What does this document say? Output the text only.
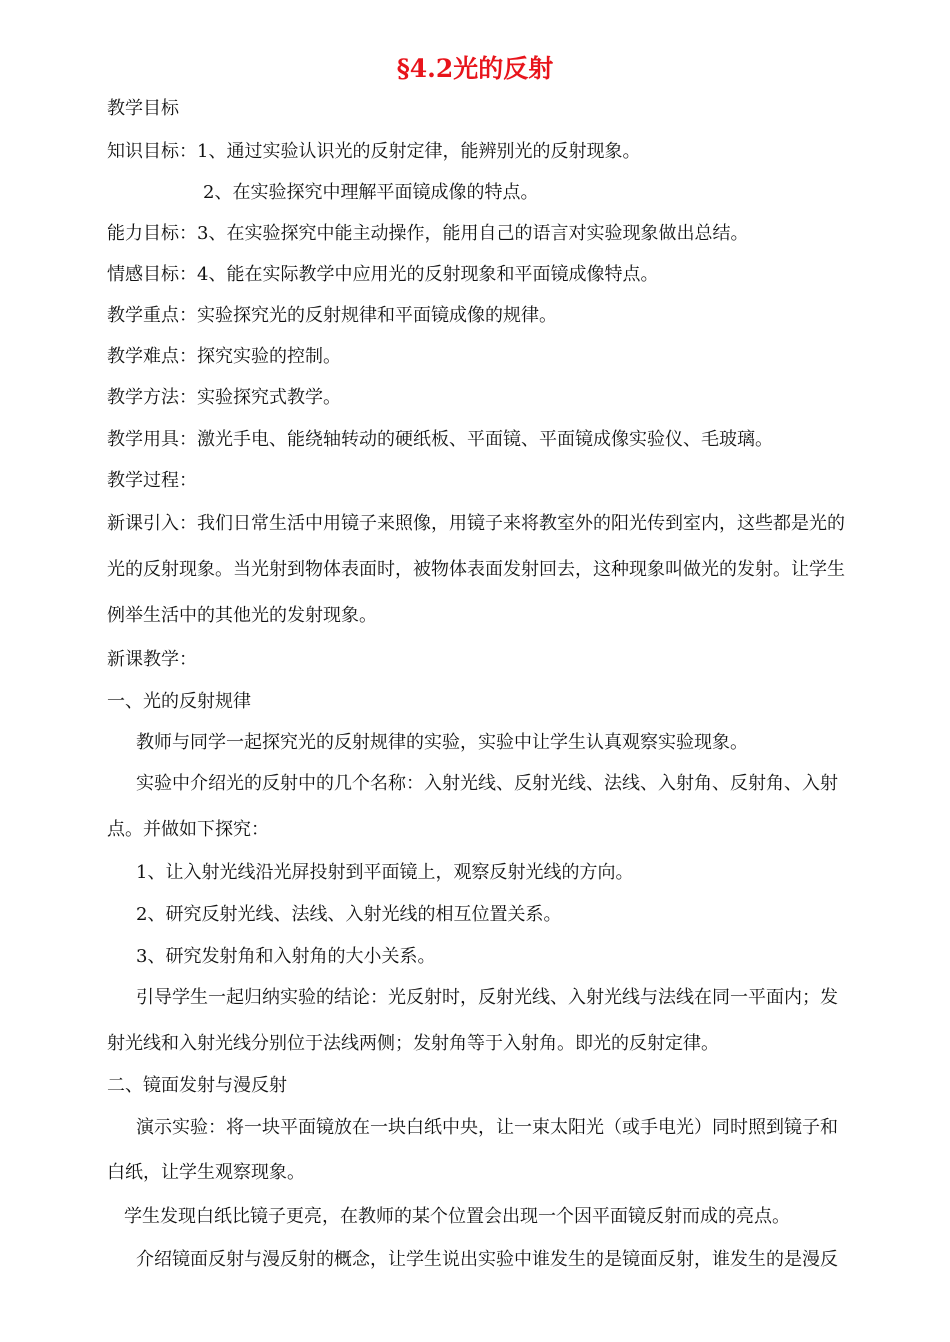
§4.2光的反射
教学目标
知识目标：1、通过实验认识光的反射定律，能辨别光的反射现象。
2、在实验探究中理解平面镜成像的特点。
能力目标：3、在实验探究中能主动操作，能用自己的语言对实验现象做出总结。
情感目标：4、能在实际教学中应用光的反射现象和平面镜成像特点。
教学重点：实验探究光的反射规律和平面镜成像的规律。
教学难点：探究实验的控制。
教学方法：实验探究式教学。
教学用具：激光手电、能绕轴转动的硬纸板、平面镜、平面镜成像实验仪、毛玻璃。
教学过程：
新课引入：我们日常生活中用镜子来照像，用镜子来将教室外的阳光传到室内，这些都是光的
光的反射现象。当光射到物体表面时，被物体表面发射回去，这种现象叫做光的发射。让学生
例举生活中的其他光的发射现象。
新课教学：
一、光的反射规律
教师与同学一起探究光的反射规律的实验，实验中让学生认真观察实验现象。
实验中介绍光的反射中的几个名称：入射光线、反射光线、法线、入射角、反射角、入射
点。并做如下探究：
1、让入射光线沿光屏投射到平面镜上，观察反射光线的方向。
2、研究反射光线、法线、入射光线的相互位置关系。
3、研究发射角和入射角的大小关系。
引导学生一起归纳实验的结论：光反射时，反射光线、入射光线与法线在同一平面内；发
射光线和入射光线分别位于法线两侧；发射角等于入射角。即光的反射定律。
二、镜面发射与漫反射
演示实验：将一块平面镜放在一块白纸中央，让一束太阳光（或手电光）同时照到镜子和
白纸，让学生观察现象。
学生发现白纸比镜子更亮，在教师的某个位置会出现一个因平面镜反射而成的亮点。
介绍镜面反射与漫反射的概念，让学生说出实验中谁发生的是镜面反射，谁发生的是漫反
